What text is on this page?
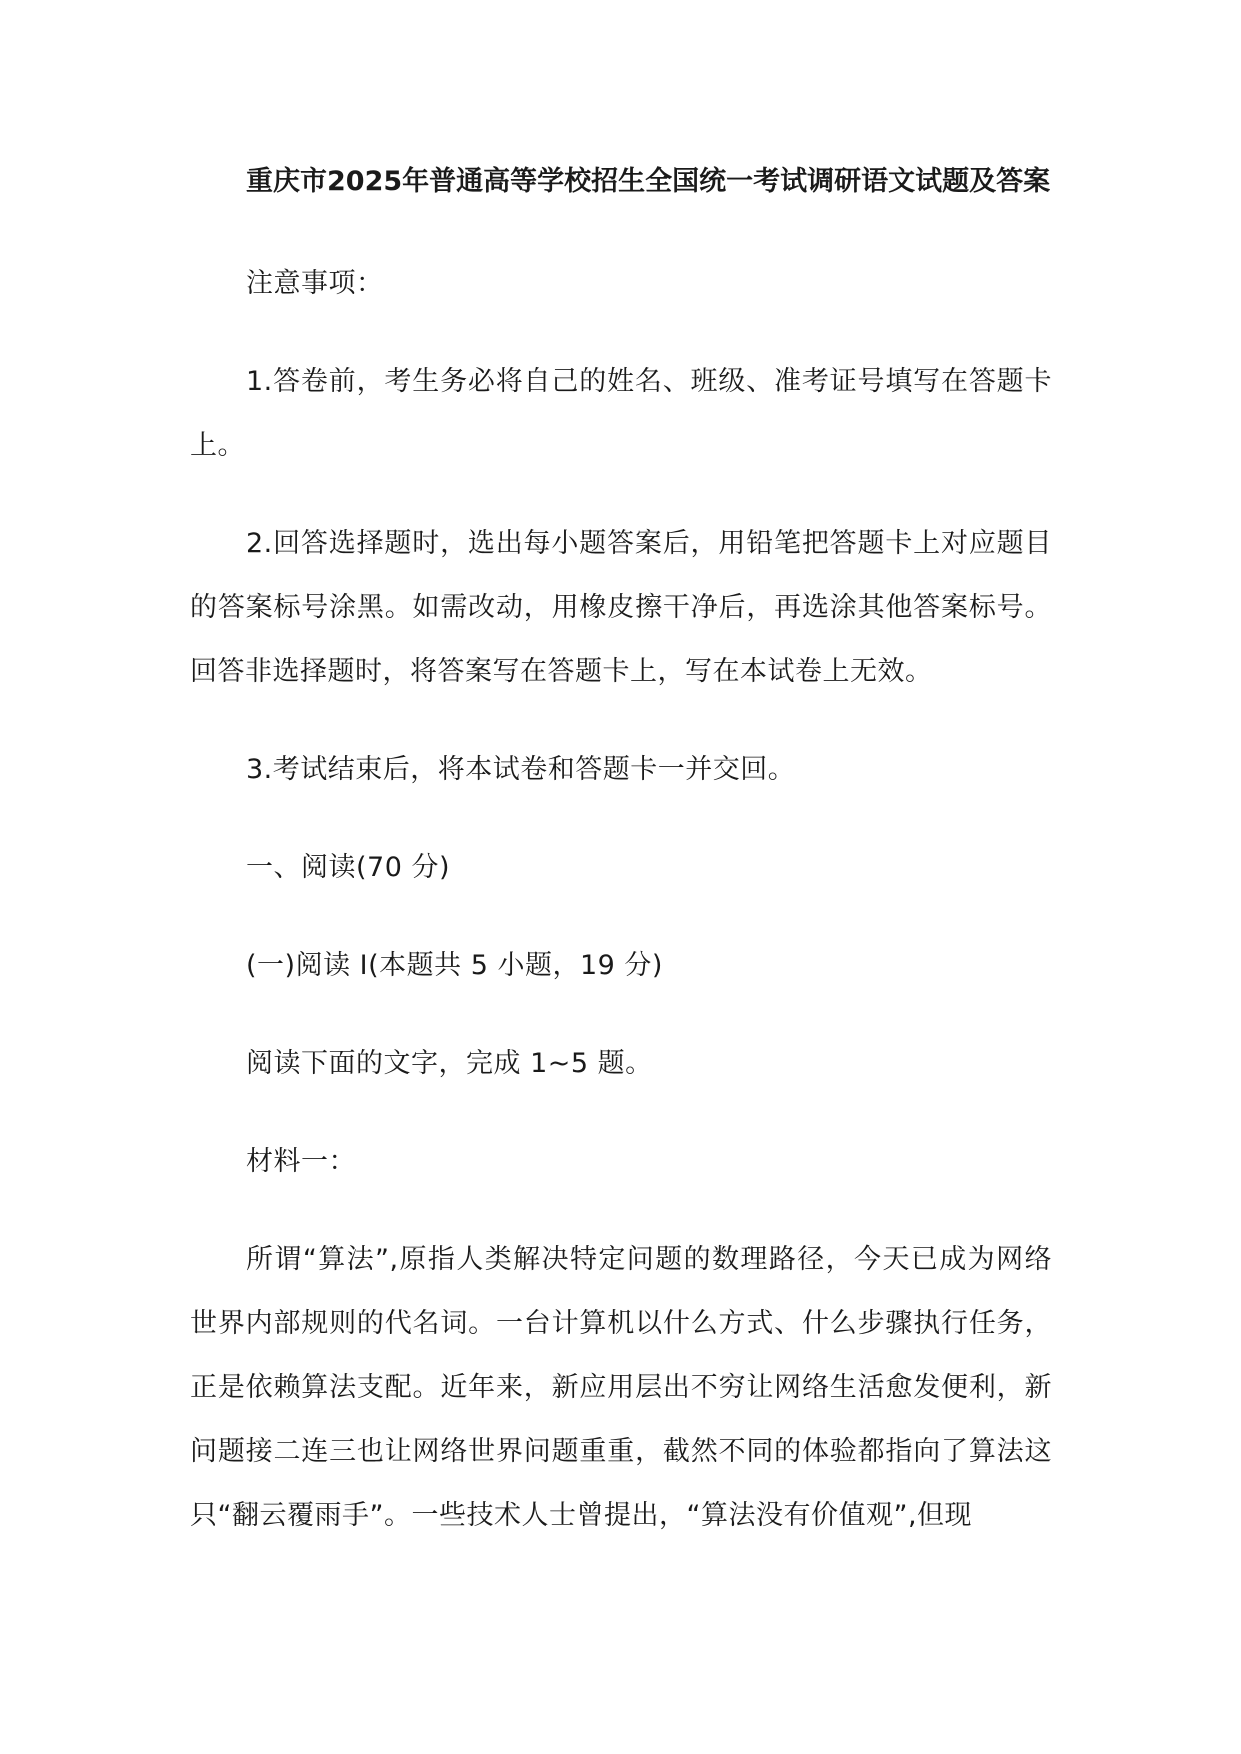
重庆市2025年普通高等学校招生全国统一考试调研语文试题及答案

注意事项：

1.答卷前，考生务必将自己的姓名、班级、准考证号填写在答题卡上。

2.回答选择题时，选出每小题答案后，用铅笔把答题卡上对应题目的答案标号涂黑。如需改动，用橡皮擦干净后，再选涂其他答案标号。回答非选择题时，将答案写在答题卡上，写在本试卷上无效。

3.考试结束后，将本试卷和答题卡一并交回。

一、阅读(70 分)

(一)阅读 I(本题共 5 小题，19 分)

阅读下面的文字，完成 1~5 题。

材料一：

所谓“算法”,原指人类解决特定问题的数理路径，今天已成为网络世界内部规则的代名词。一台计算机以什么方式、什么步骤执行任务，正是依赖算法支配。近年来，新应用层出不穷让网络生活愈发便利，新问题接二连三也让网络世界问题重重，截然不同的体验都指向了算法这只“翻云覆雨手”。一些技术人士曾提出，“算法没有价值观”,但现
